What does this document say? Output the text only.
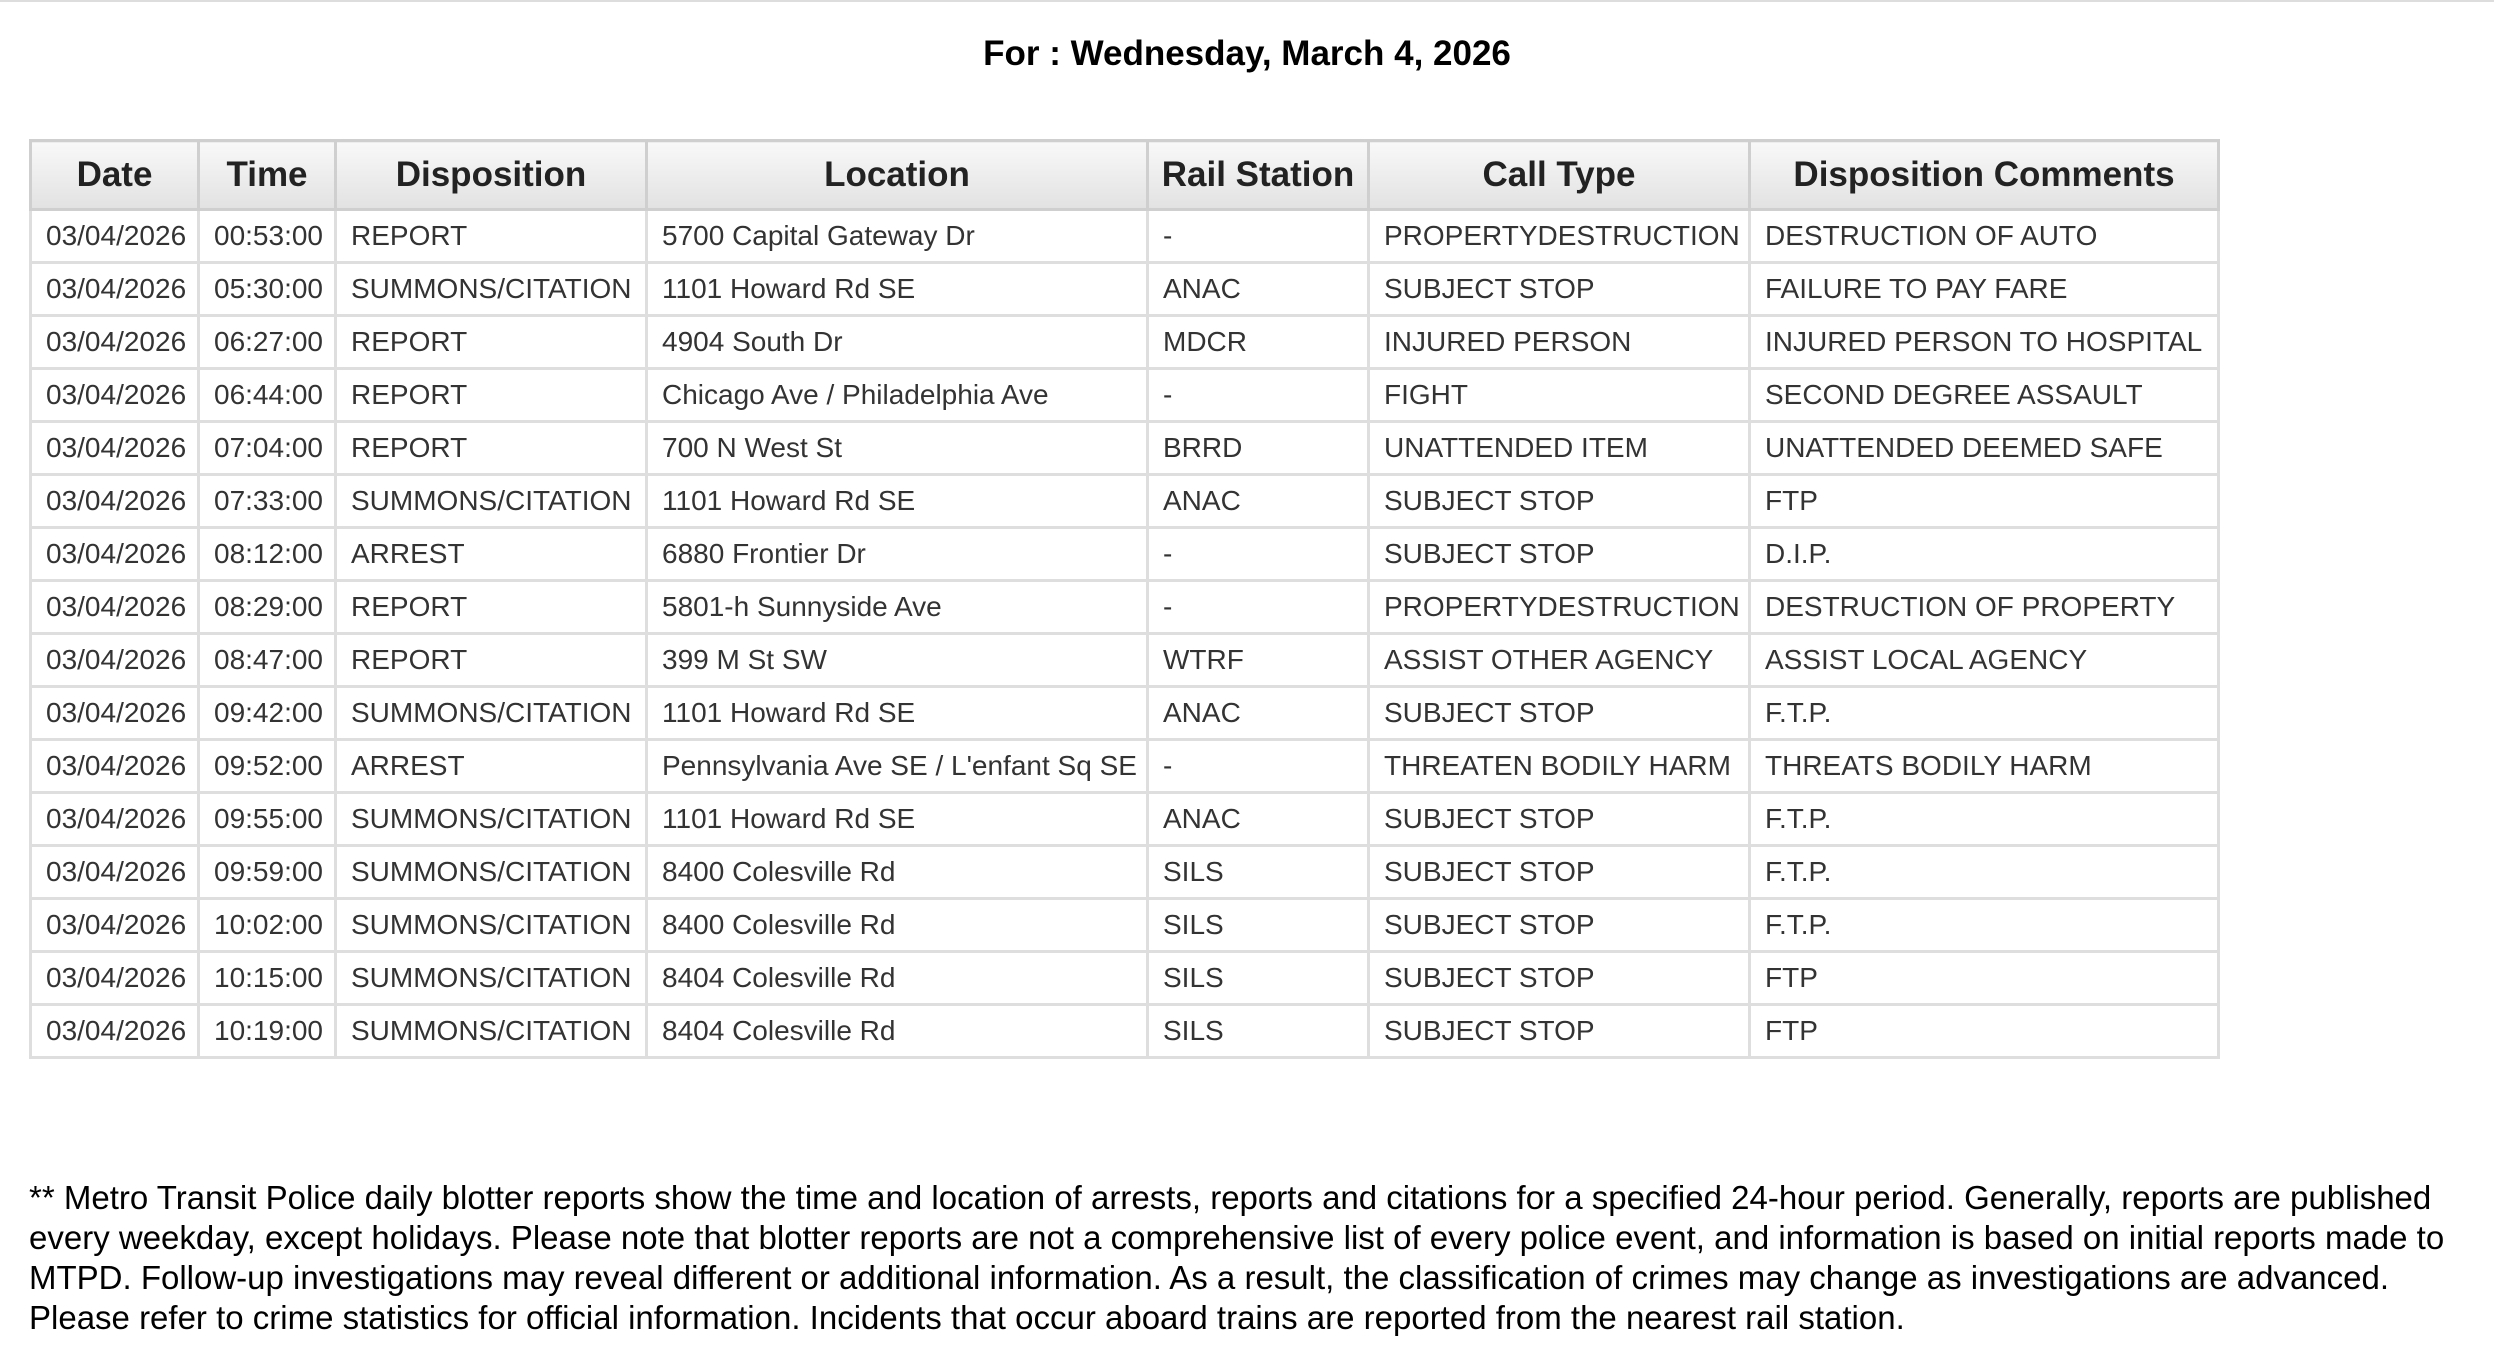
For : Wednesday, March 4, 2026
Date	Time	Disposition	Location	Rail Station	Call Type	Disposition Comments
03/04/2026	00:53:00	REPORT	5700 Capital Gateway Dr	-	PROPERTYDESTRUCTION	DESTRUCTION OF AUTO
03/04/2026	05:30:00	SUMMONS/CITATION	1101 Howard Rd SE	ANAC	SUBJECT STOP	FAILURE TO PAY FARE
03/04/2026	06:27:00	REPORT	4904 South Dr	MDCR	INJURED PERSON	INJURED PERSON TO HOSPITAL
03/04/2026	06:44:00	REPORT	Chicago Ave / Philadelphia Ave	-	FIGHT	SECOND DEGREE ASSAULT
03/04/2026	07:04:00	REPORT	700 N West St	BRRD	UNATTENDED ITEM	UNATTENDED DEEMED SAFE
03/04/2026	07:33:00	SUMMONS/CITATION	1101 Howard Rd SE	ANAC	SUBJECT STOP	FTP
03/04/2026	08:12:00	ARREST	6880 Frontier Dr	-	SUBJECT STOP	D.I.P.
03/04/2026	08:29:00	REPORT	5801-h Sunnyside Ave	-	PROPERTYDESTRUCTION	DESTRUCTION OF PROPERTY
03/04/2026	08:47:00	REPORT	399 M St SW	WTRF	ASSIST OTHER AGENCY	ASSIST LOCAL AGENCY
03/04/2026	09:42:00	SUMMONS/CITATION	1101 Howard Rd SE	ANAC	SUBJECT STOP	F.T.P.
03/04/2026	09:52:00	ARREST	Pennsylvania Ave SE / L'enfant Sq SE	-	THREATEN BODILY HARM	THREATS BODILY HARM
03/04/2026	09:55:00	SUMMONS/CITATION	1101 Howard Rd SE	ANAC	SUBJECT STOP	F.T.P.
03/04/2026	09:59:00	SUMMONS/CITATION	8400 Colesville Rd	SILS	SUBJECT STOP	F.T.P.
03/04/2026	10:02:00	SUMMONS/CITATION	8400 Colesville Rd	SILS	SUBJECT STOP	F.T.P.
03/04/2026	10:15:00	SUMMONS/CITATION	8404 Colesville Rd	SILS	SUBJECT STOP	FTP
03/04/2026	10:19:00	SUMMONS/CITATION	8404 Colesville Rd	SILS	SUBJECT STOP	FTP

** Metro Transit Police daily blotter reports show the time and location of arrests, reports and citations for a specified 24-hour period. Generally, reports are published every weekday, except holidays. Please note that blotter reports are not a comprehensive list of every police event, and information is based on initial reports made to MTPD. Follow-up investigations may reveal different or additional information. As a result, the classification of crimes may change as investigations are advanced. Please refer to crime statistics for official information. Incidents that occur aboard trains are reported from the nearest rail station.
